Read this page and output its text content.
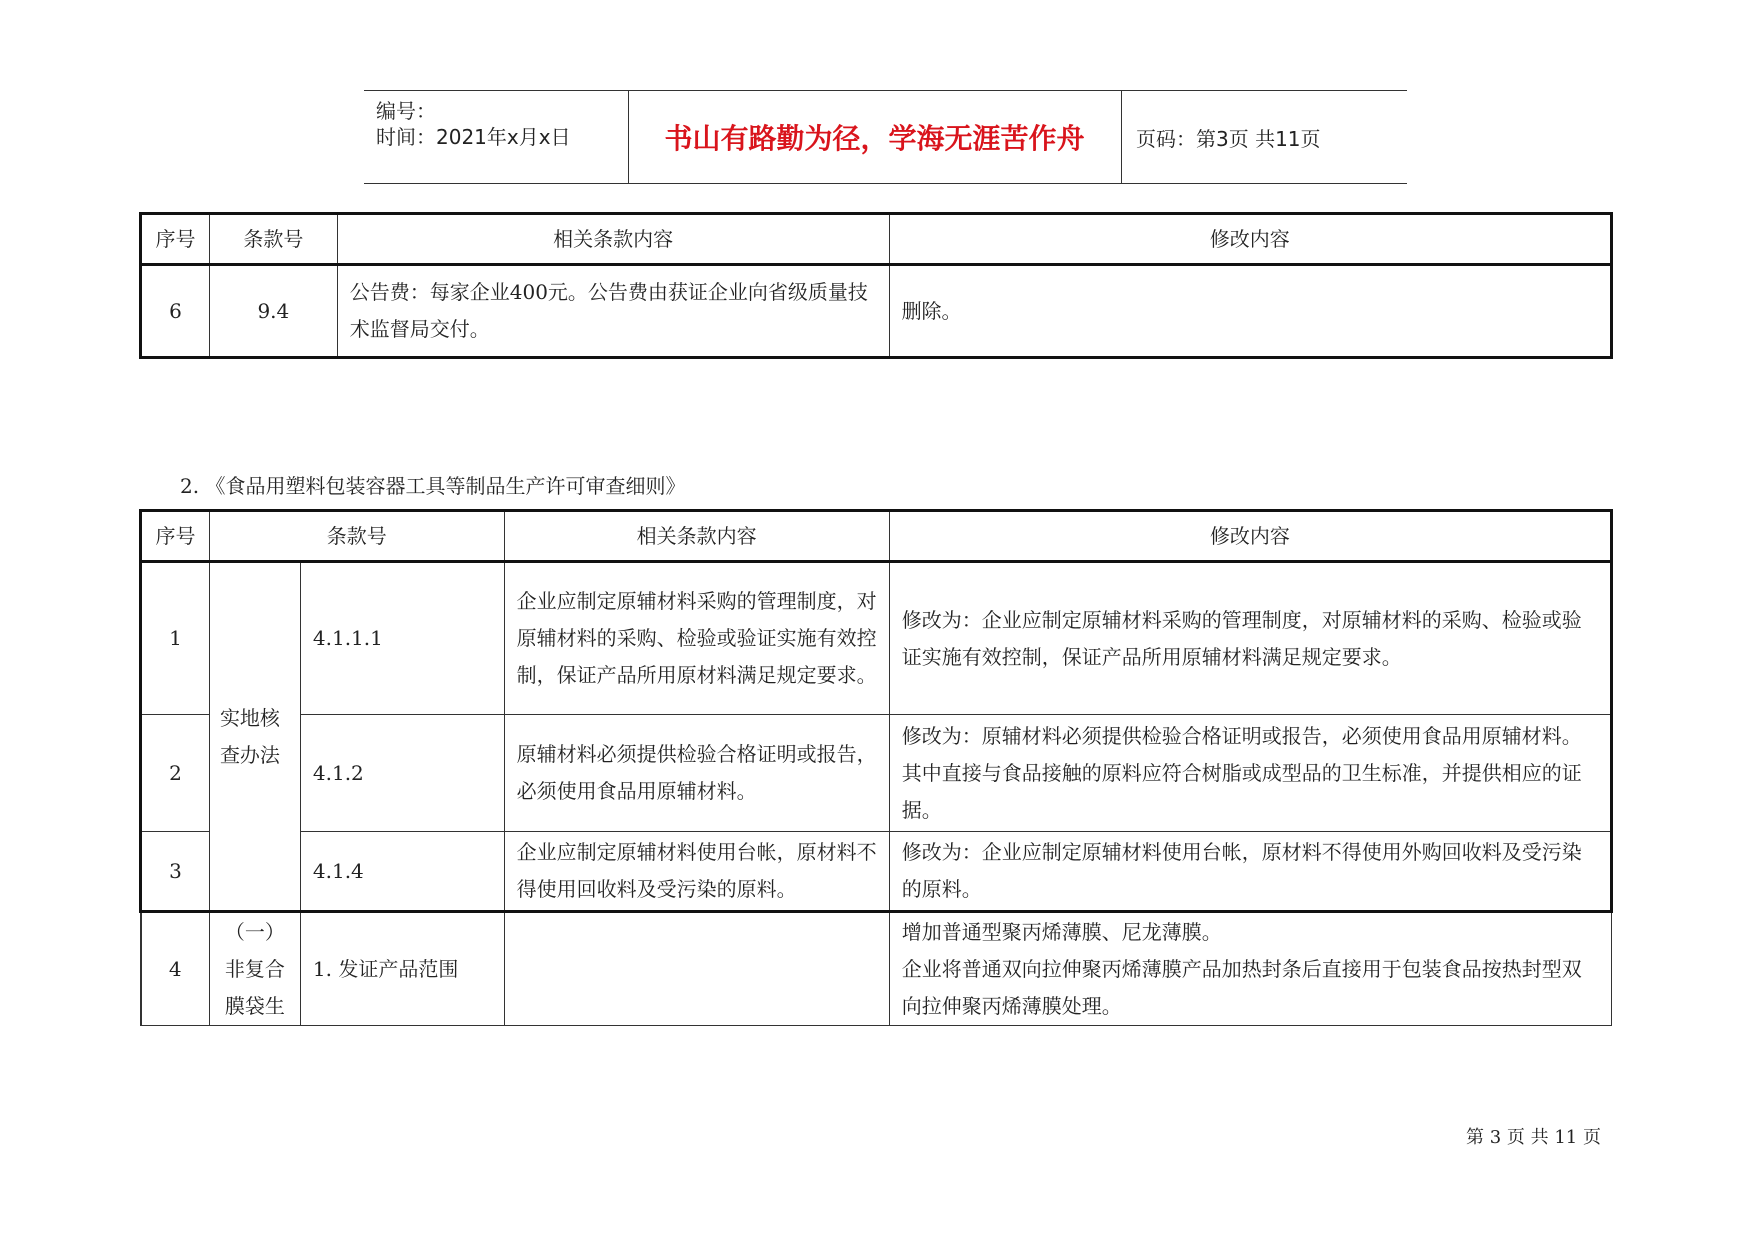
编号：
时间：2021年x月x日	书山有路勤为径，学海无涯苦作舟	页码：第3页 共11页
序号	条款号	相关条款内容	修改内容
6	9.4	公告费：每家企业400元。公告费由获证企业向省级质量技术监督局交付。	删除。
2. 《食品用塑料包装容器工具等制品生产许可审查细则》
序号	条款号		相关条款内容	修改内容
1	实地核查办法	4.1.1.1	企业应制定原辅材料采购的管理制度，对原辅材料的采购、检验或验证实施有效控制，保证产品所用原材料满足规定要求。	修改为：企业应制定原辅材料采购的管理制度，对原辅材料的采购、检验或验证实施有效控制，保证产品所用原辅材料满足规定要求。
2		4.1.2	原辅材料必须提供检验合格证明或报告，必须使用食品用原辅材料。	修改为：原辅材料必须提供检验合格证明或报告，必须使用食品用原辅材料。其中直接与食品接触的原料应符合树脂或成型品的卫生标准，并提供相应的证据。
3		4.1.4	企业应制定原辅材料使用台帐，原材料不得使用回收料及受污染的原料。	修改为：企业应制定原辅材料使用台帐，原材料不得使用外购回收料及受污染的原料。
4	（一）非复合膜袋生	1. 发证产品范围		增加普通型聚丙烯薄膜、尼龙薄膜。
企业将普通双向拉伸聚丙烯薄膜产品加热封条后直接用于包装食品按热封型双向拉伸聚丙烯薄膜处理。
第 3 页 共 11 页
